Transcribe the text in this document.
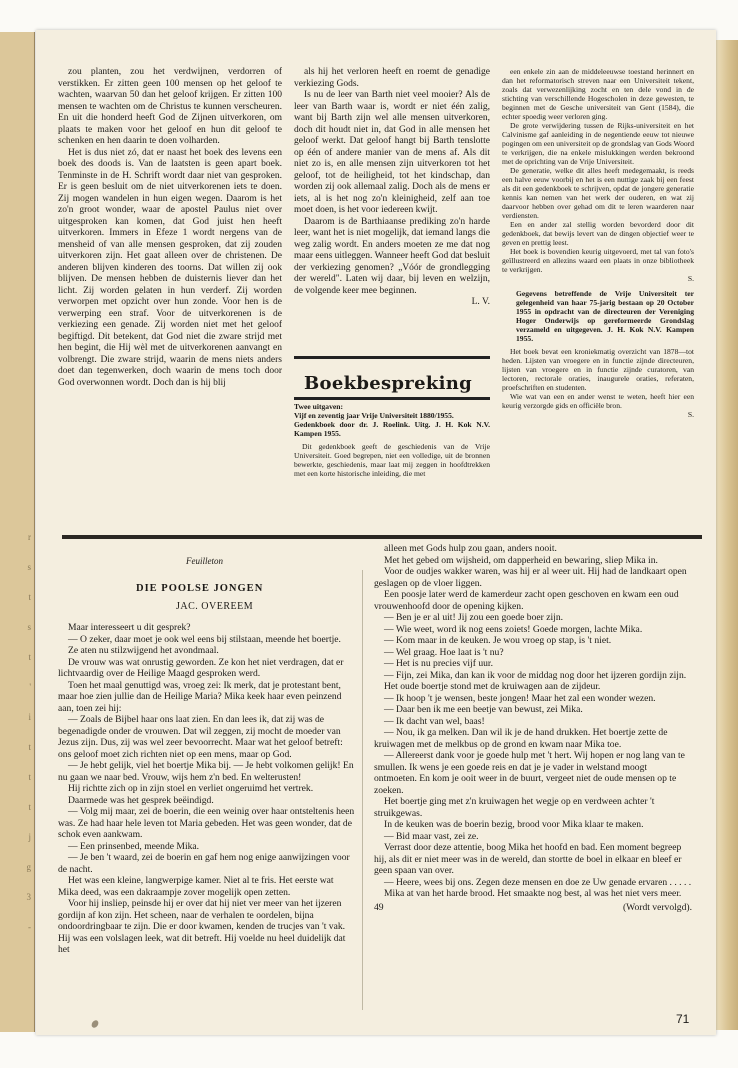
r
s
t
s
t
'
i
t
t
t
j
g
3
-

zou planten, zou het verdwijnen, verdorren of verstikken. Er zitten geen 100 mensen op het geloof te wachten, waarvan 50 dan het geloof krijgen. Er zitten 100 mensen te wachten om de Christus te kunnen verscheuren. En uit die honderd heeft God de Zijnen uitverkoren, om plaats te maken voor het geloof en hun dit geloof te schenken en hen daarin te doen volharden.

Het is dus niet zó, dat er naast het boek des levens een boek des doods is. Van de laatsten is geen apart boek. Tenminste in de H. Schrift wordt daar niet van gesproken. Er is geen besluit om de niet uitverkorenen iets te doen. Zij mogen wandelen in hun eigen wegen. Daarom is het zo'n groot wonder, waar de apostel Paulus niet over uitgesproken kan komen, dat God juist hen heeft uitverkoren. Immers in Efeze 1 wordt nergens van de mensheid of van alle mensen gesproken, dat zij zouden uitverkoren zijn. Het gaat alleen over de christenen. De anderen blijven kinderen des toorns. Dat willen zij ook blijven. De mensen hebben de duisternis liever dan het licht. Zij worden gelaten in hun verderf. Zij worden verworpen met opzicht over hun zonde. Voor hen is de verwerping een straf. Voor de uitverkorenen is de verkiezing een genade. Zij worden niet met het geloof begiftigd. Dit betekent, dat God niet die zware strijd met hen begint, die Hij wèl met de uitverkorenen aanvangt en volbrengt. Die zware strijd, waarin de mens niets anders doet dan tegenwerken, doch waarin de mens toch door God overwonnen wordt. Doch dan is hij blij

als hij het verloren heeft en roemt de genadige verkiezing Gods.

Is nu de leer van Barth niet veel mooier? Als de leer van Barth waar is, wordt er niet één zalig, want bij Barth zijn wel alle mensen uitverkoren, doch dit houdt niet in, dat God in alle mensen het geloof werkt. Dat geloof hangt bij Barth tenslotte op één of andere manier van de mens af. Als dit niet zo is, en alle mensen zijn uitverkoren tot het geloof, tot de heiligheid, tot het kindschap, dan worden zij ook allemaal zalig. Doch als de mens er iets, al is het nog zo'n kleinigheid, zelf aan toe moet doen, is het voor iedereen kwijt.

Daarom is de Barthiaanse prediking zo'n harde leer, want het is niet mogelijk, dat iemand langs die weg zalig wordt. En anders moeten ze me dat nog maar eens uitleggen. Wanneer heeft God dat besluit der verkiezing genomen? „Vóór de grondlegging der wereld". Laten wij daar, bij leven en welzijn, de volgende keer mee beginnen.

L. V.
Boekbespreking
Twee uitgaven:
Vijf en zeventig jaar Vrije Universiteit 1880/1955.
Gedenkboek door dr. J. Roelink. Uitg. J. H. Kok N.V. Kampen 1955.

Dit gedenkboek geeft de geschiedenis van de Vrije Universiteit. Goed begrepen, niet een volledige, uit de bronnen bewerkte, geschiedenis, maar laat mij zeggen in hoofdtrekken met een korte historische inleiding, die met

een enkele zin aan de middeleeuwse toestand herinnert en dan het reformatorisch streven naar een Universiteit tekent, zoals dat verwezenlijking zocht en ten dele vond in de stichting van verschillende Hogescholen in deze gewesten, te beginnen met de Gesche universiteit van Gent (1584), die echter spoedig weer verloren ging.

De grote verwijdering tussen de Rijks-universiteit en het Calvinisme gaf aanleiding in de negentiende eeuw tot nieuwe pogingen om een universiteit op de grondslag van Gods Woord te verkrijgen, die na enkele mislukkingen werden bekroond met de oprichting van de Vrije Universiteit.

De generatie, welke dit alles heeft medegemaakt, is reeds een halve eeuw voorbij en het is een nuttige zaak bij een feest als dit een gedenkboek te schrijven, opdat de jongere generatie kennis kan nemen van het werk der ouderen, en wat zij daarvoor hebben over gehad om dit te leren waarderen naar verdiensten.

Een en ander zal stellig worden bevorderd door dit gedenkboek, dat bewijs levert van de dingen objectief weer te geven en prettig leest.

Het boek is bovendien keurig uitgevoerd, met tal van foto's geïllustreerd en allezins waard een plaats in onze bibliotheek te verkrijgen.

S.
Gegevens betreffende de Vrije Universiteit ter gelegenheid van haar 75-jarig bestaan op 20 October 1955 in opdracht van de directeuren der Vereniging Hoger Onderwijs op gereformeerde Grondslag verzameld en uitgegeven. J. H. Kok N.V. Kampen 1955.

Het boek bevat een kroniekmatig overzicht van 1878—tot heden. Lijsten van vroegere en in functie zijnde directeuren, lijsten van vroegere en in functie zijnde curatoren, van lectoren, rectorale oraties, inaugurele oraties, referaten, proefschriften en studenten.

Wie wat van een en ander wenst te weten, heeft hier een keurig verzorgde gids en officiële bron.

S.
Feuilleton
DIE POOLSE JONGEN
JAC. OVEREEM

Maar interesseert u dit gesprek?

— O zeker, daar moet je ook wel eens bij stilstaan, meende het boertje.

Ze aten nu stilzwijgend het avondmaal.

De vrouw was wat onrustig geworden. Ze kon het niet verdragen, dat er lichtvaardig over de Heilige Maagd gesproken werd.

Toen het maal genuttigd was, vroeg zei: Ik merk, dat je protestant bent, maar hoe zien jullie dan de Heilige Maria? Mika keek haar even peinzend aan, toen zei hij:

— Zoals de Bijbel haar ons laat zien. En dan lees ik, dat zij was de begenadigde onder de vrouwen. Dat wil zeggen, zij mocht de moeder van Jezus zijn. Dus, zij was wel zeer bevoorrecht. Maar wat het geloof betreft: ons geloof moet zich richten niet op een mens, maar op God.

— Je hebt gelijk, viel het boertje Mika bij. — Je hebt volkomen gelijk! En nu gaan we naar bed. Vrouw, wijs hem z'n bed. En welterusten!

Hij richtte zich op in zijn stoel en verliet ongeruimd het vertrek.

Daarmede was het gesprek beëindigd.

— Volg mij maar, zei de boerin, die een weinig over haar ontsteltenis heen was. Ze had haar hele leven tot Maria gebeden. Het was geen wonder, dat de schok even aankwam.

— Een prinsenbed, meende Mika.

— Je ben 't waard, zei de boerin en gaf hem nog enige aanwijzingen voor de nacht.

Het was een kleine, langwerpige kamer. Niet al te fris. Het eerste wat Mika deed, was een dakraampje zover mogelijk open zetten.

Voor hij insliep, peinsde hij er over dat hij niet ver meer van het ijzeren gordijn af kon zijn. Het scheen, naar de verhalen te oordelen, bijna ondoordringbaar te zijn. Die er door kwamen, kenden de trucjes van 't vak. Hij was een volslagen leek, wat dit betreft. Hij voelde nu heel duidelijk dat het

alleen met Gods hulp zou gaan, anders nooit.

Met het gebed om wijsheid, om dapperheid en bewaring, sliep Mika in.

Voor de oudjes wakker waren, was hij er al weer uit. Hij had de landkaart open geslagen op de vloer liggen.

Een poosje later werd de kamerdeur zacht open geschoven en kwam een oud vrouwenhoofd door de opening kijken.

— Ben je er al uit! Jij zou een goede boer zijn.

— Wie weet, word ik nog eens zoiets! Goede morgen, lachte Mika.

— Kom maar in de keuken. Je wou vroeg op stap, is 't niet.

— Wel graag. Hoe laat is 't nu?

— Het is nu precies vijf uur.

— Fijn, zei Mika, dan kan ik voor de middag nog door het ijzeren gordijn zijn.

Het oude boertje stond met de kruiwagen aan de zijdeur.

— Ik hoop 't je wensen, beste jongen! Maar het zal een wonder wezen.

— Daar ben ik me een beetje van bewust, zei Mika.

— Ik dacht van wel, baas!

— Nou, ik ga melken. Dan wil ik je de hand drukken. Het boertje zette de kruiwagen met de melkbus op de grond en kwam naar Mika toe.

— Allereerst dank voor je goede hulp met 't hert. Wij hopen er nog lang van te smullen. Ik wens je een goede reis en dat je je vader in welstand moogt ontmoeten. En kom je ooit weer in de buurt, vergeet niet de oude mensen op te zoeken.

Het boertje ging met z'n kruiwagen het wegje op en verdween achter 't struikgewas.

In de keuken was de boerin bezig, brood voor Mika klaar te maken.

— Bid maar vast, zei ze.

Verrast door deze attentie, boog Mika het hoofd en bad. Een moment begreep hij, als dit er niet meer was in de wereld, dan stortte de boel in elkaar en bleef er geen spaan van over.

— Heere, wees bij ons. Zegen deze mensen en doe ze Uw genade ervaren . . . . .

Mika at van het harde brood. Het smaakte nog best, al was het niet vers meer.

49	(Wordt vervolgd).
71
